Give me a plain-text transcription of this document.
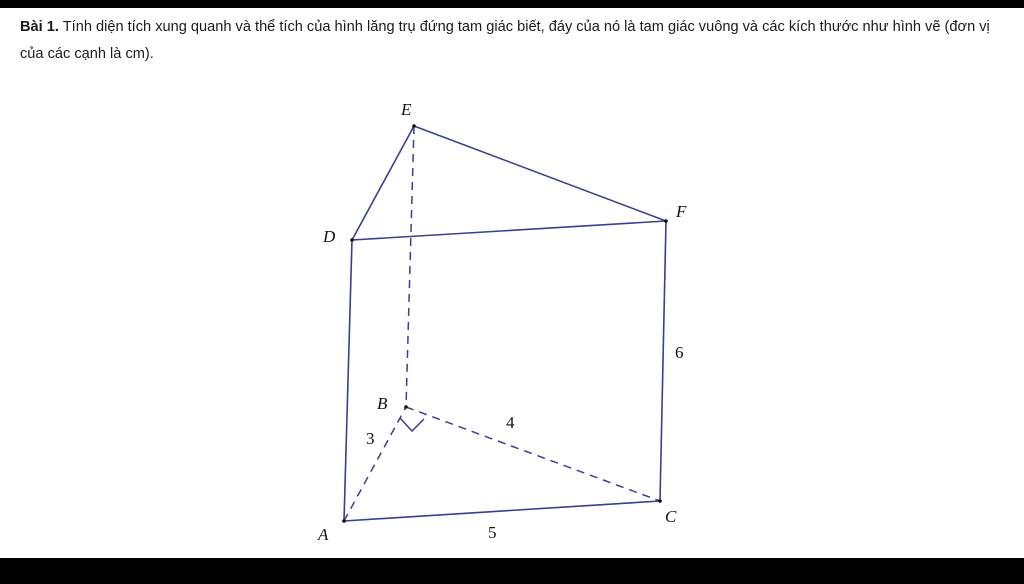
Bài 1. Tính diện tích xung quanh và thể tích của hình lăng trụ đứng tam giác biết, đáy của nó là tam giác vuông và các kích thước như hình vẽ (đơn vị của các cạnh là cm).

E
D
F
B
A
C
3
4
5
6
